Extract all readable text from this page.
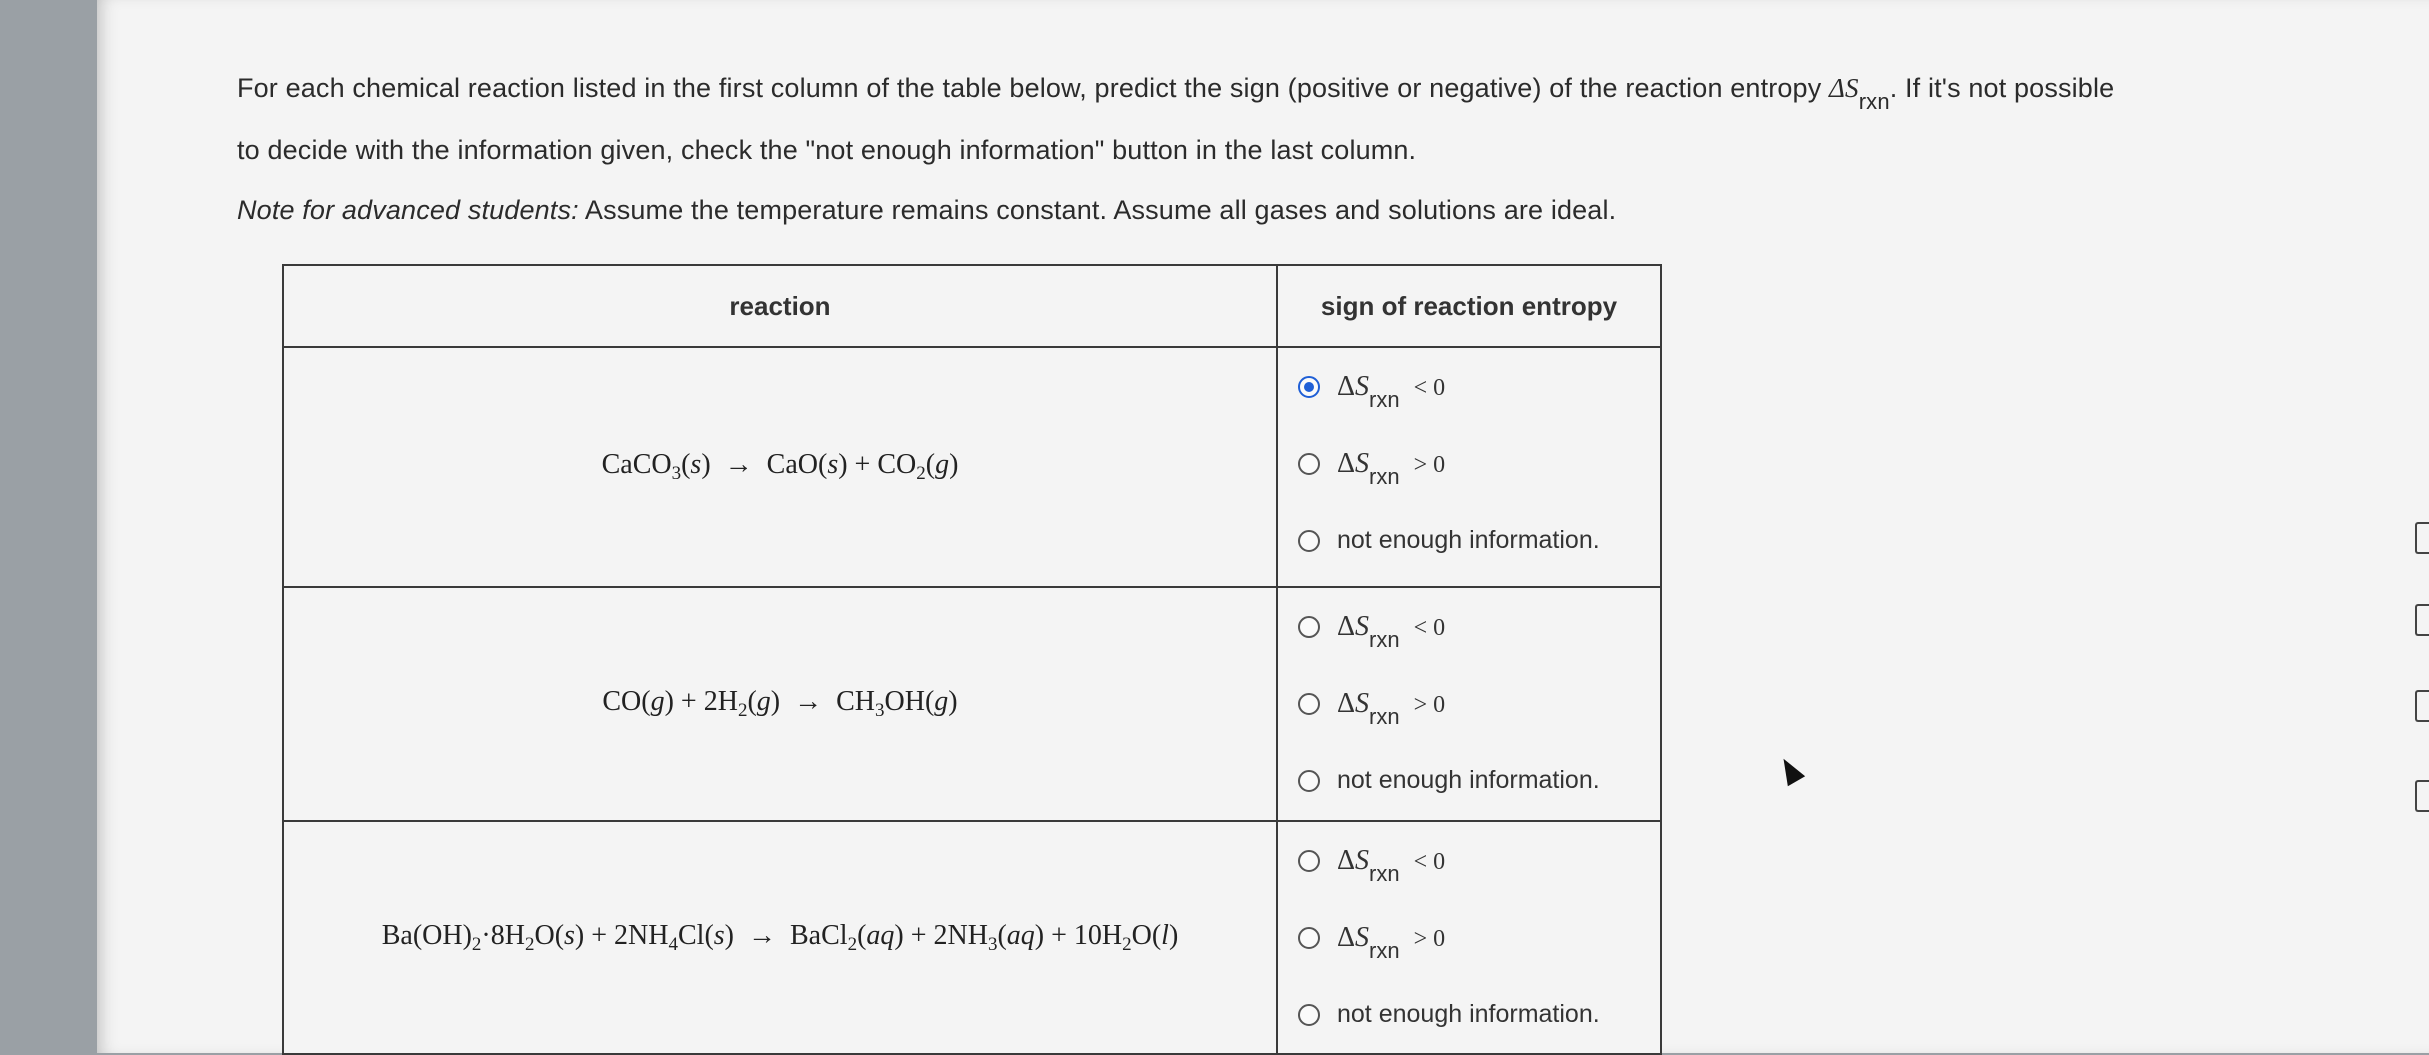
For each chemical reaction listed in the first column of the table below, predict the sign (positive or negative) of the reaction entropy $\Delta S_{rxn}$. If it's not possible

to decide with the information given, check the "not enough information" button in the last column.

Note for advanced students: Assume the temperature remains constant. Assume all gases and solutions are ideal.

reaction	sign of reaction entropy
CaCO$_3$(s)  →  $CaO(s) + CO_2(g)$	$\Delta S_{rxn} < 0$
$\Delta S_{rxn} > 0$
not enough information.

$CO(g) + 2H_2(g) \to CH_3OH(g)$	$\Delta S_{rxn} < 0$
$\Delta S_{rxn} > 0$
not enough information.

$Ba(OH)_2\cdot 8H_2O(s) + 2NH_4Cl(s)$  →  BaCl$_2$(aq) + $2NH_3(aq) + 10H_2O(l)$	$\Delta S_{rxn} < 0$
$\Delta S_{rxn} > 0$
not enough information.
